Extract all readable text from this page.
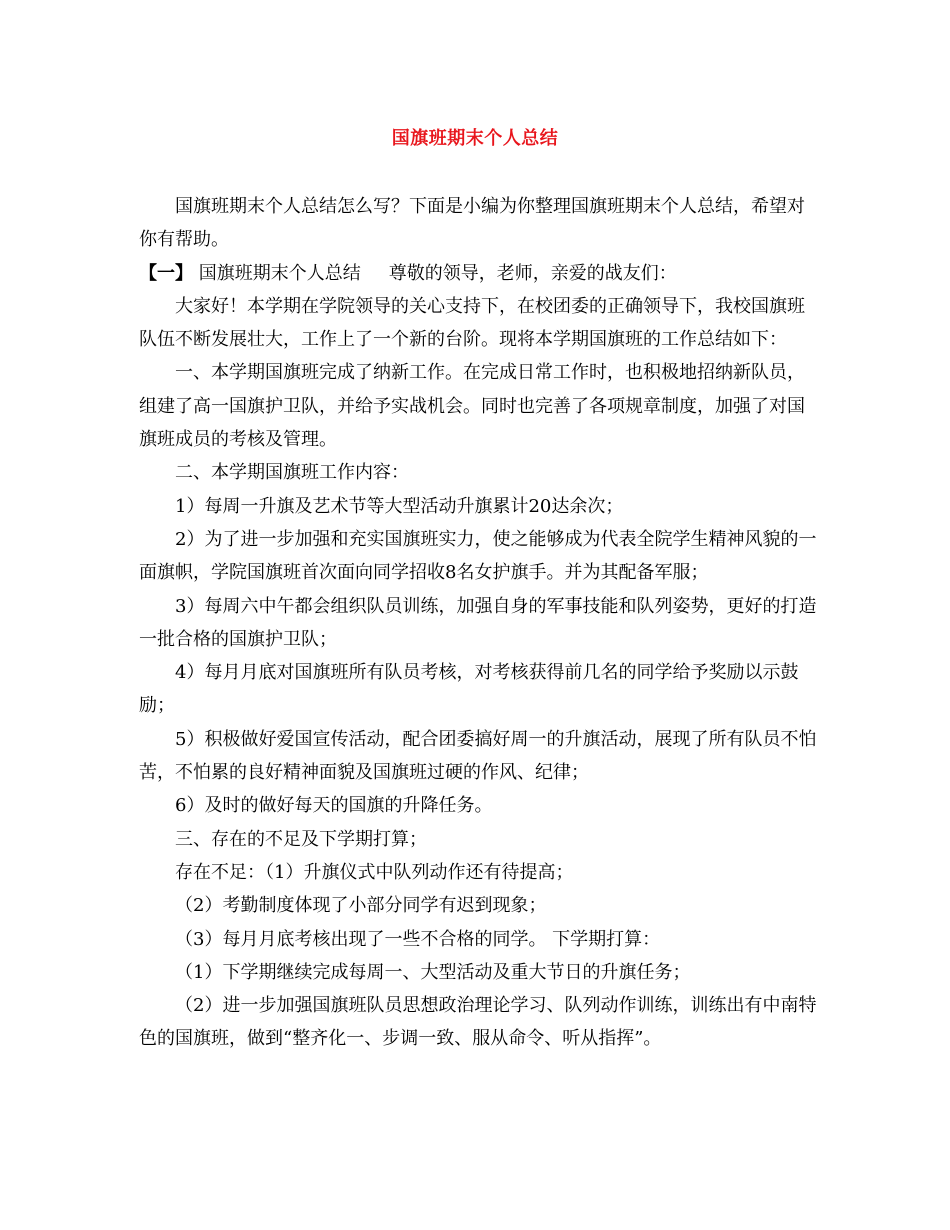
国旗班期末个人总结

国旗班期末个人总结怎么写？下面是小编为你整理国旗班期末个人总结，希望对你有帮助。

【一】 国旗班期末个人总结 尊敬的领导，老师，亲爱的战友们：

大家好！本学期在学院领导的关心支持下，在校团委的正确领导下，我校国旗班队伍不断发展壮大，工作上了一个新的台阶。现将本学期国旗班的工作总结如下：

一、本学期国旗班完成了纳新工作。在完成日常工作时，也积极地招纳新队员，组建了高一国旗护卫队，并给予实战机会。同时也完善了各项规章制度，加强了对国旗班成员的考核及管理。

二、本学期国旗班工作内容：

1）每周一升旗及艺术节等大型活动升旗累计20达余次；

2）为了进一步加强和充实国旗班实力，使之能够成为代表全院学生精神风貌的一面旗帜，学院国旗班首次面向同学招收8名女护旗手。并为其配备军服；

3）每周六中午都会组织队员训练，加强自身的军事技能和队列姿势，更好的打造一批合格的国旗护卫队；

4）每月月底对国旗班所有队员考核，对考核获得前几名的同学给予奖励以示鼓励；

5）积极做好爱国宣传活动，配合团委搞好周一的升旗活动，展现了所有队员不怕苦，不怕累的良好精神面貌及国旗班过硬的作风、纪律；

6）及时的做好每天的国旗的升降任务。

三、存在的不足及下学期打算；

存在不足：（1）升旗仪式中队列动作还有待提高；

（2）考勤制度体现了小部分同学有迟到现象；

（3）每月月底考核出现了一些不合格的同学。 下学期打算：

（1）下学期继续完成每周一、大型活动及重大节日的升旗任务；

（2）进一步加强国旗班队员思想政治理论学习、队列动作训练，训练出有中南特色的国旗班，做到“整齐化一、步调一致、服从命令、听从指挥”。
